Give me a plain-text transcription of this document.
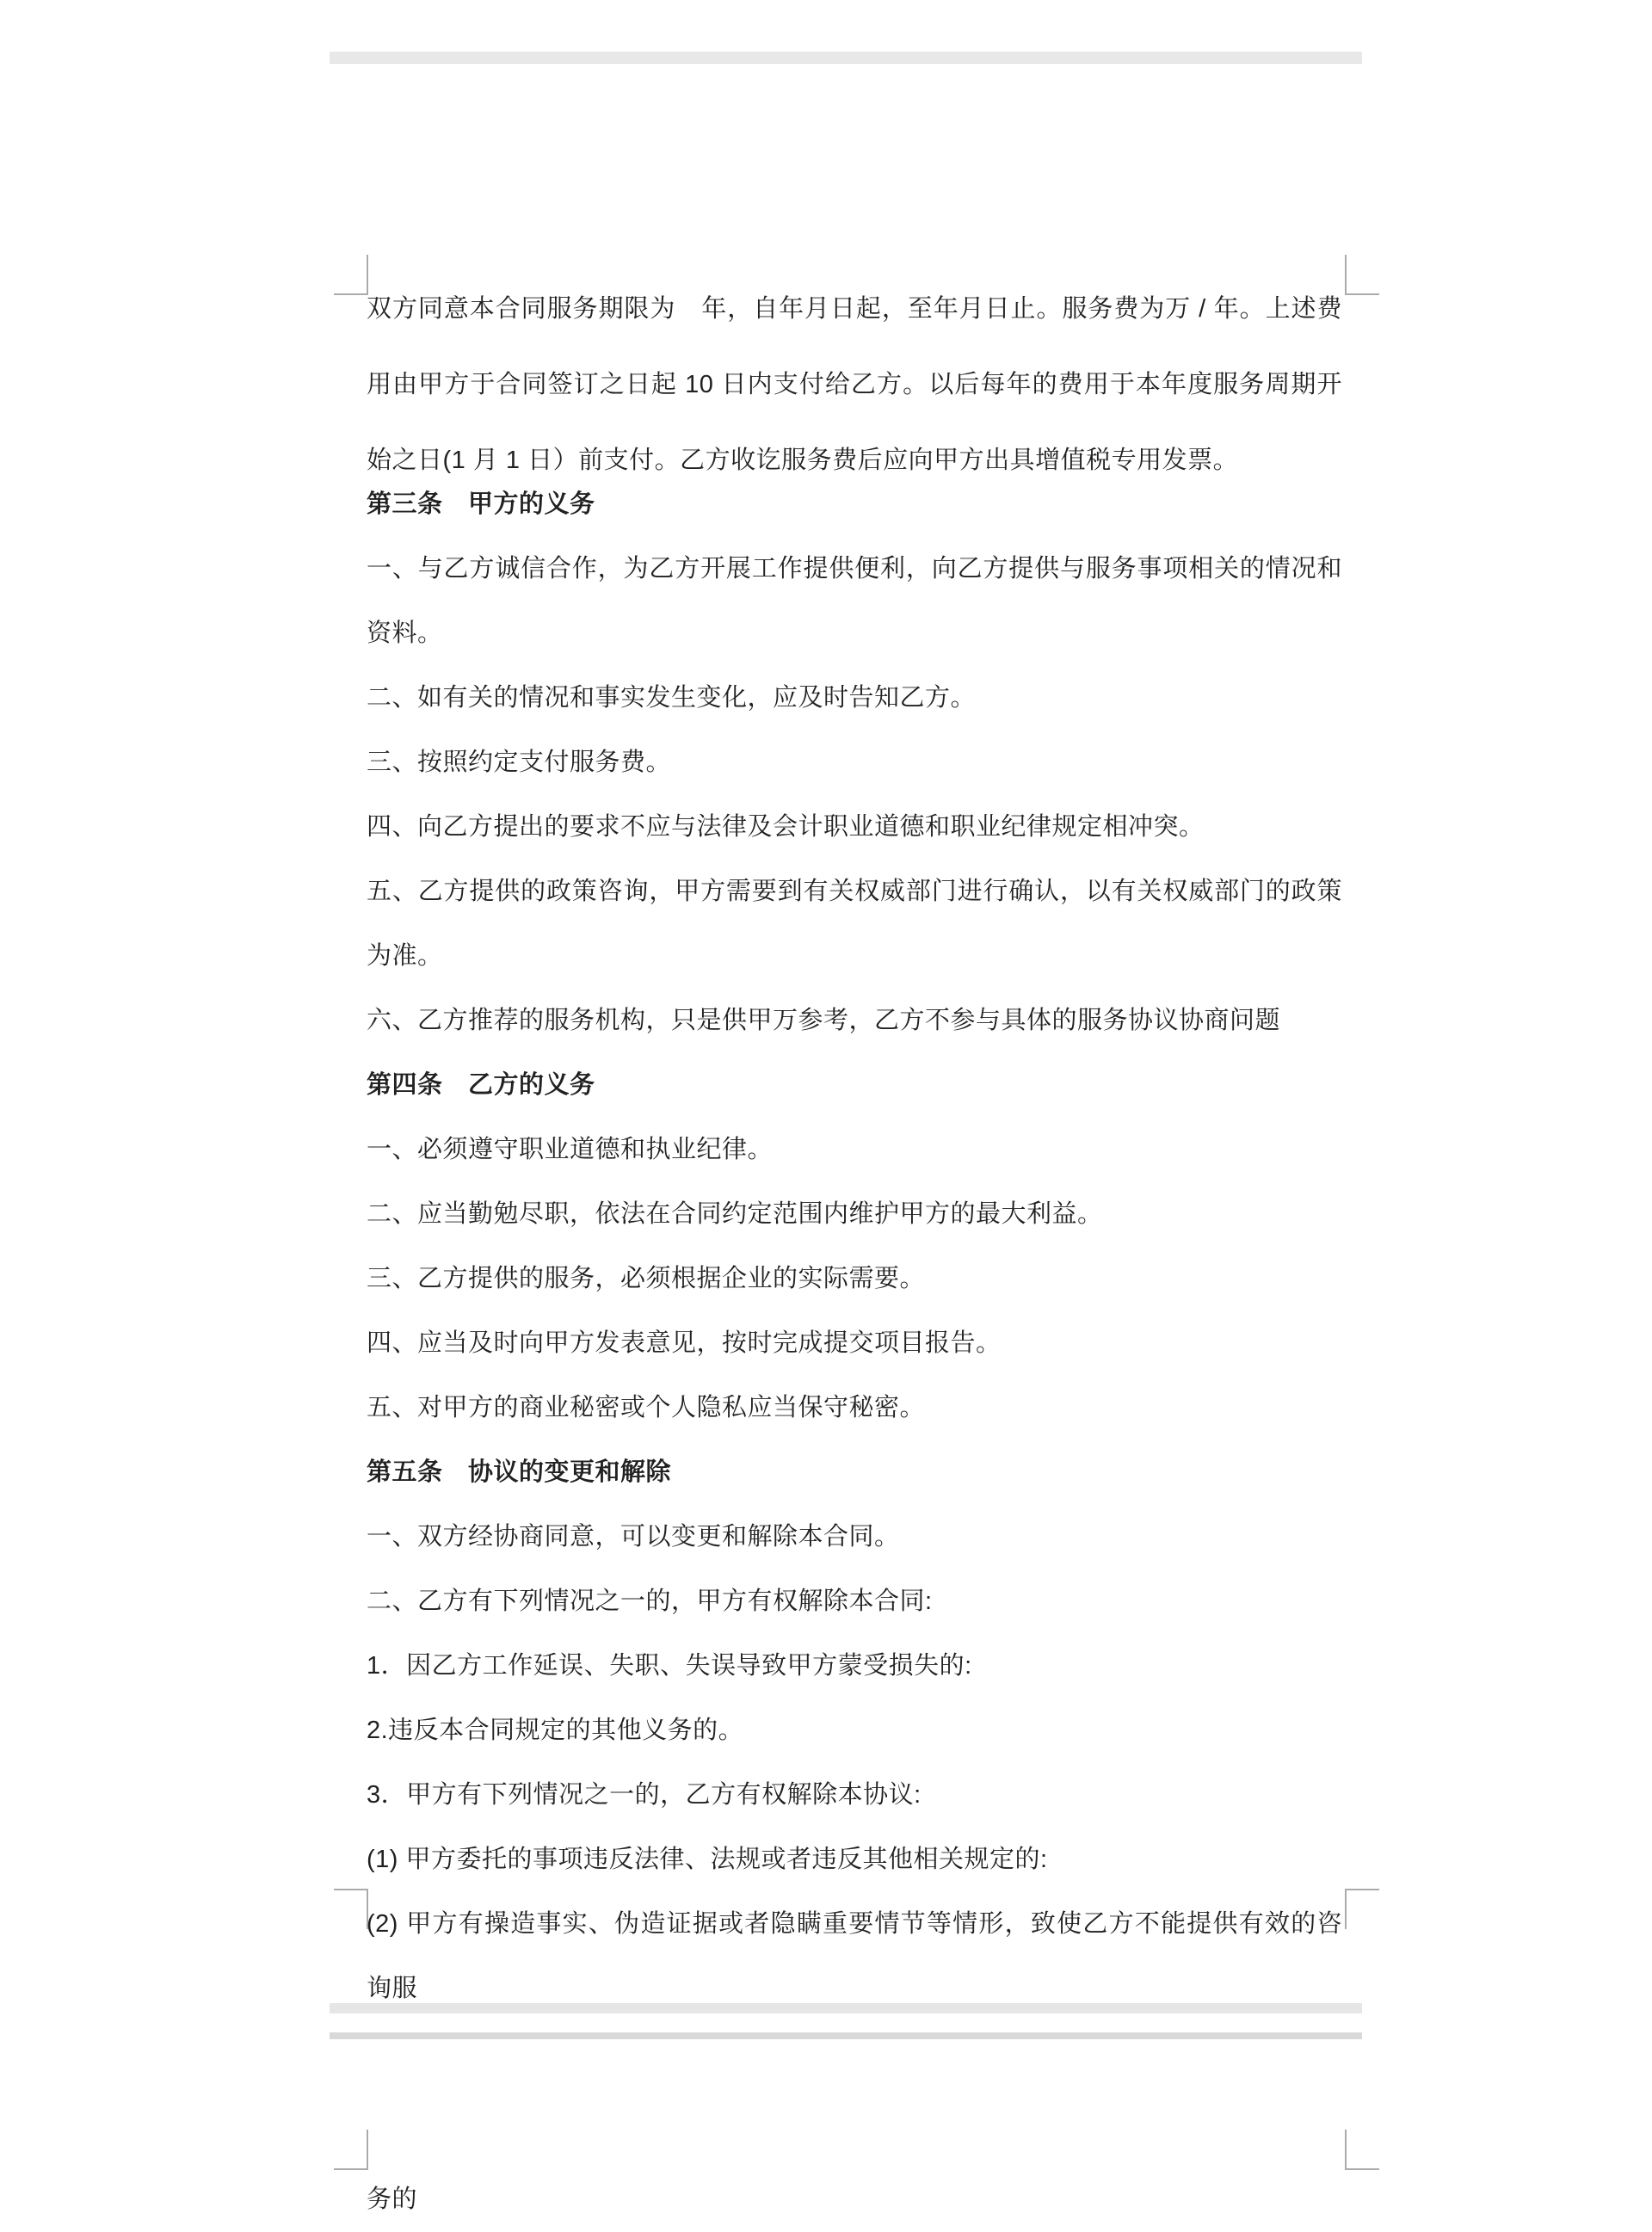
双方同意本合同服务期限为　年，自年月日起，至年月日止。服务费为万 / 年。上述费用由甲方于合同签订之日起 10 日内支付给乙方。以后每年的费用于本年度服务周期开始之日(1 月 1 日）前支付。乙方收讫服务费后应向甲方出具增值税专用发票。

第三条　甲方的义务

一、与乙方诚信合作，为乙方开展工作提供便利，向乙方提供与服务事项相关的情况和资料。

二、如有关的情况和事实发生变化，应及时告知乙方。

三、按照约定支付服务费。

四、向乙方提出的要求不应与法律及会计职业道德和职业纪律规定相冲突。

五、乙方提供的政策咨询，甲方需要到有关权威部门进行确认，以有关权威部门的政策为准。

六、乙方推荐的服务机构，只是供甲万参考，乙方不参与具体的服务协议协商问题

第四条　乙方的义务

一、必须遵守职业道德和执业纪律。

二、应当勤勉尽职，依法在合同约定范围内维护甲方的最大利益。

三、乙方提供的服务，必须根据企业的实际需要。

四、应当及时向甲方发表意见，按时完成提交项目报告。

五、对甲方的商业秘密或个人隐私应当保守秘密。

第五条　协议的变更和解除

一、双方经协商同意，可以变更和解除本合同。

二、乙方有下列情况之一的，甲方有权解除本合同:

1．因乙方工作延误、失职、失误导致甲方蒙受损失的:

2.违反本合同规定的其他义务的。

3．甲方有下列情况之一的，乙方有权解除本协议:

(1) 甲方委托的事项违反法律、法规或者违反其他相关规定的:

(2) 甲方有操造事实、伪造证据或者隐瞒重要情节等情形，致使乙方不能提供有效的咨询服

务的
